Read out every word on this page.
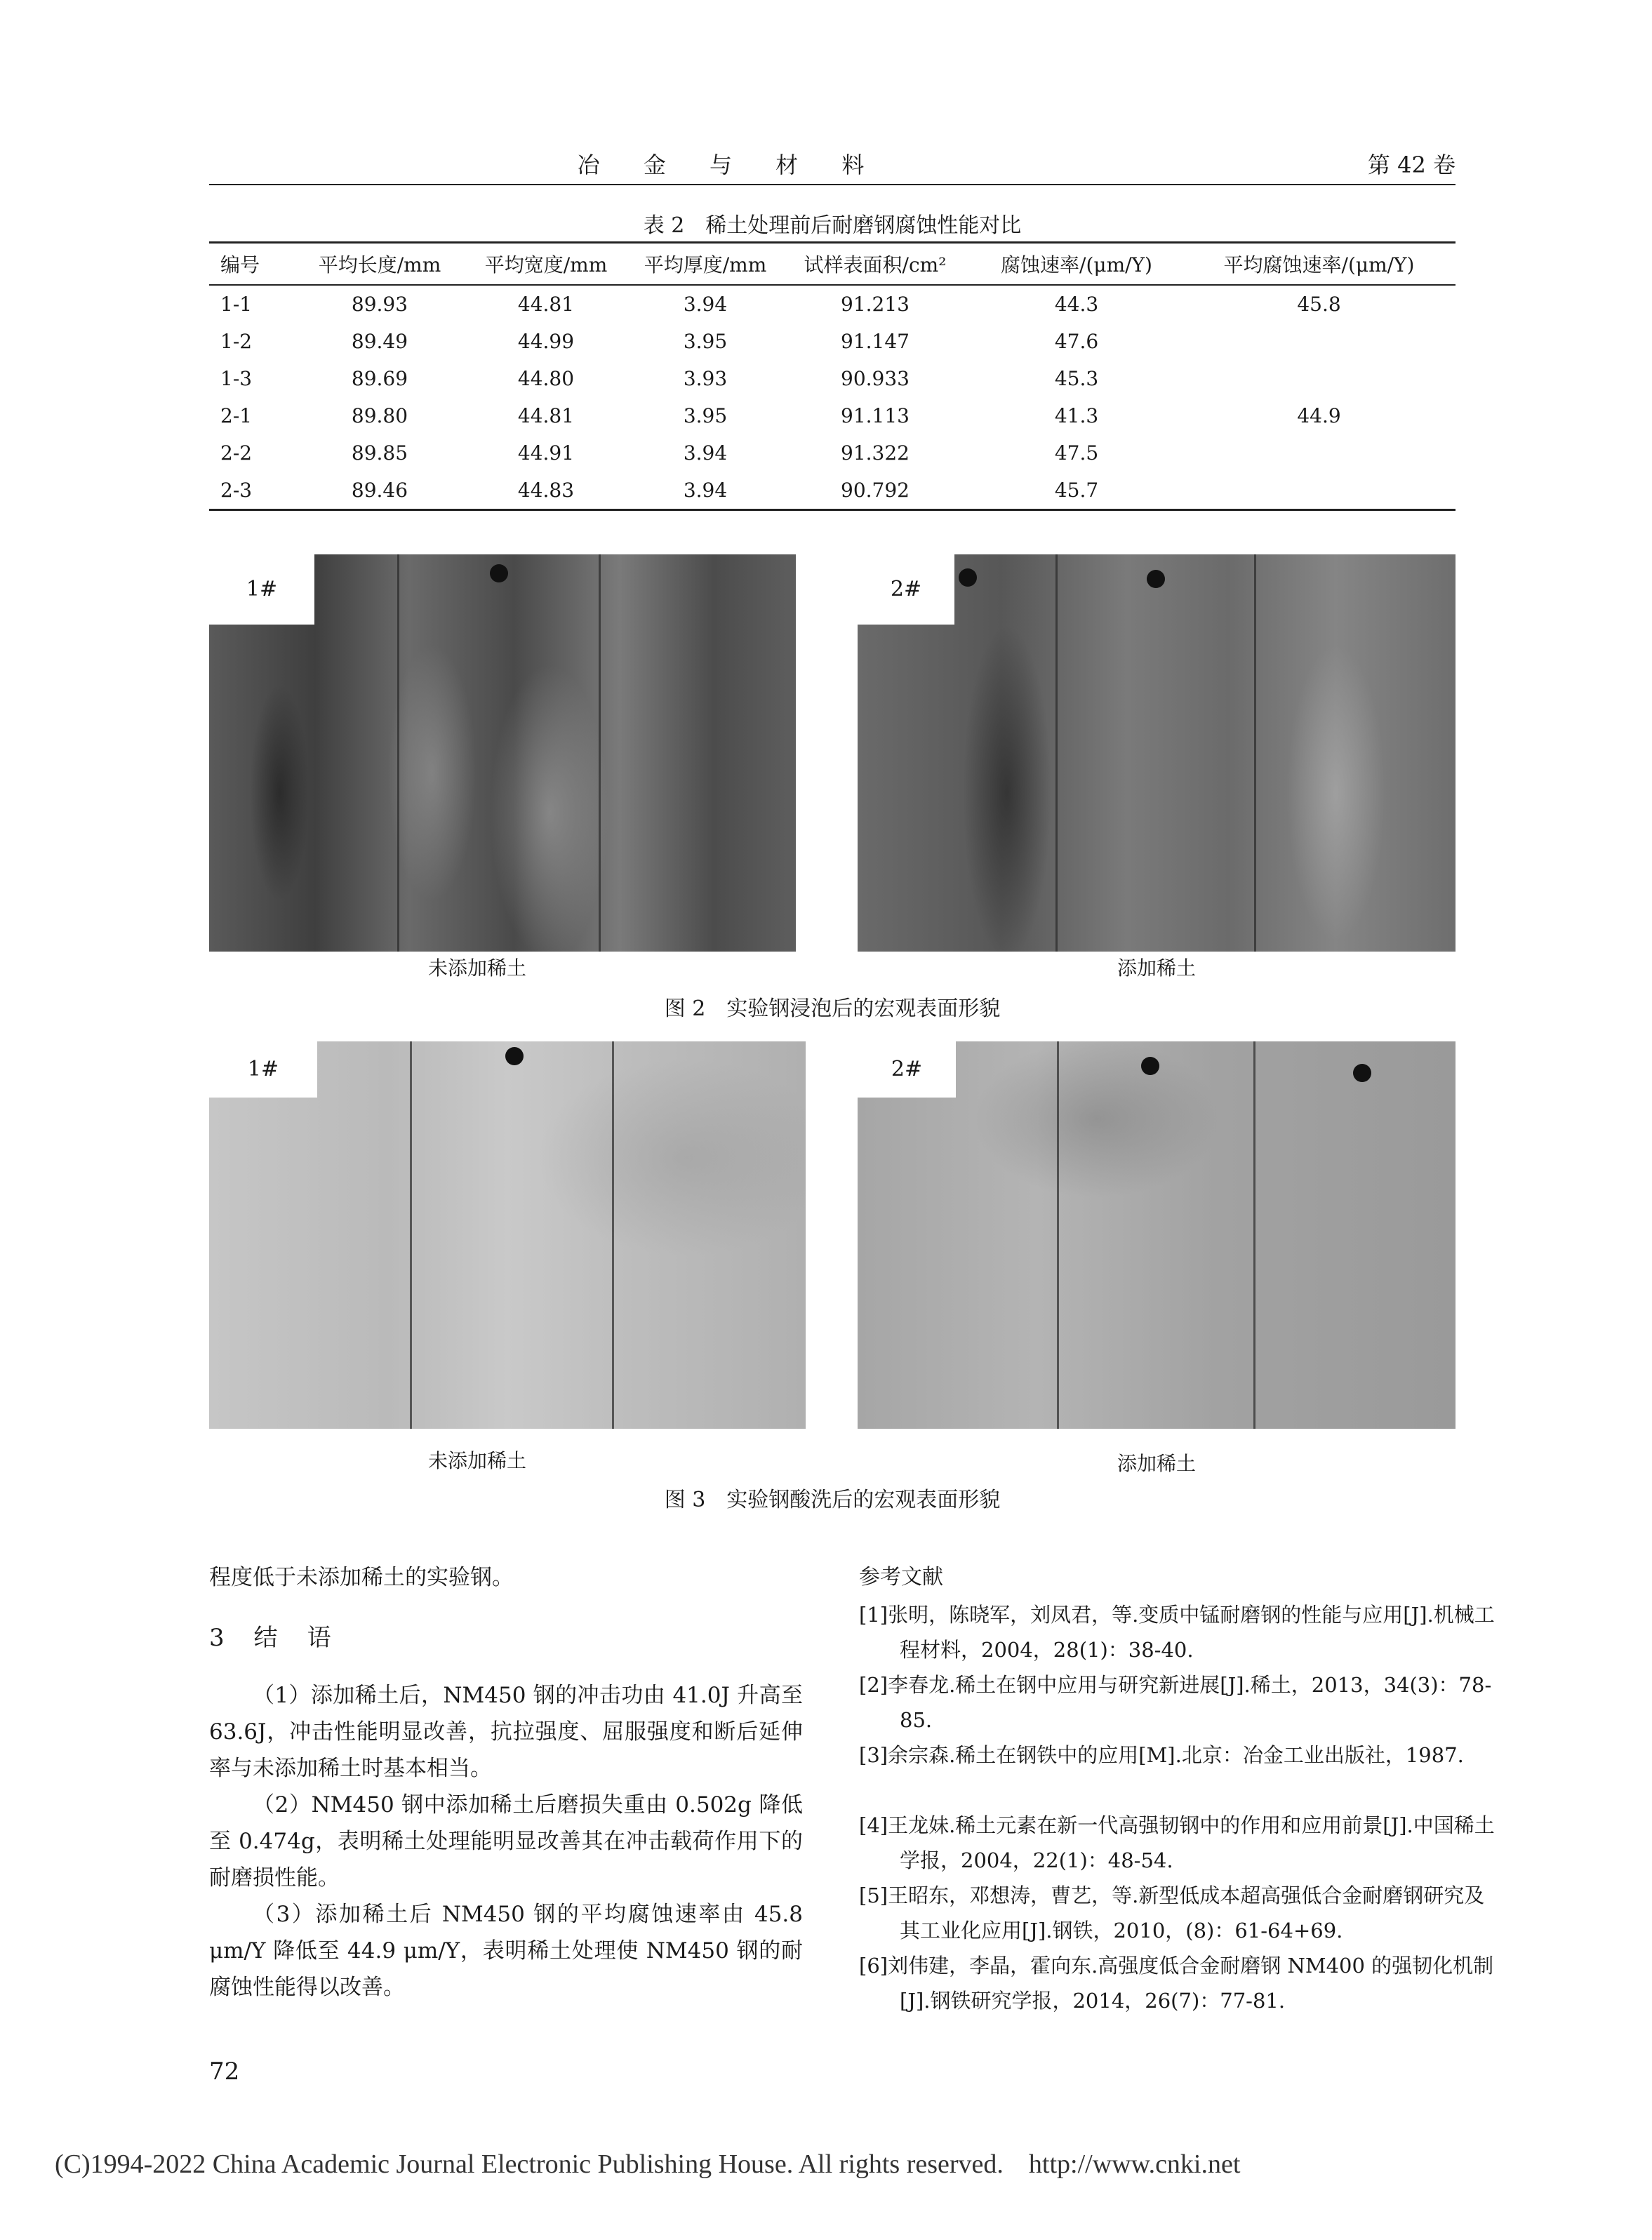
冶 金 与 材 料	第 42 卷
表 2　稀土处理前后耐磨钢腐蚀性能对比
编号	平均长度/mm	平均宽度/mm	平均厚度/mm	试样表面积/cm²	腐蚀速率/(μm/Y)	平均腐蚀速率/(μm/Y)
1-1	89.93	44.81	3.94	91.213	44.3	45.8
1-2	89.49	44.99	3.95	91.147	47.6	
1-3	89.69	44.80	3.93	90.933	45.3	
2-1	89.80	44.81	3.95	91.113	41.3	44.9
2-2	89.85	44.91	3.94	91.322	47.5	
2-3	89.46	44.83	3.94	90.792	45.7	
1#	2#
未添加稀土	添加稀土
图 2　实验钢浸泡后的宏观表面形貌
1#	2#
未添加稀土	添加稀土
图 3　实验钢酸洗后的宏观表面形貌
程度低于未添加稀土的实验钢。
3　结　语
（1）添加稀土后，NM450 钢的冲击功由 41.0J 升高至 63.6J，冲击性能明显改善，抗拉强度、屈服强度和断后延伸率与未添加稀土时基本相当。
（2）NM450 钢中添加稀土后磨损失重由 0.502g 降低至 0.474g，表明稀土处理能明显改善其在冲击载荷作用下的耐磨损性能。
（3）添加稀土后 NM450 钢的平均腐蚀速率由 45.8 μm/Y 降低至 44.9 μm/Y，表明稀土处理使 NM450 钢的耐腐蚀性能得以改善。
参考文献
[1]张明，陈晓军，刘凤君，等.变质中锰耐磨钢的性能与应用[J].机械工程材料，2004，28(1)：38-40.
[2]李春龙.稀土在钢中应用与研究新进展[J].稀土，2013，34(3)：78-85.
[3]余宗森.稀土在钢铁中的应用[M].北京：冶金工业出版社，1987.
[4]王龙妹.稀土元素在新一代高强韧钢中的作用和应用前景[J].中国稀土学报，2004，22(1)：48-54.
[5]王昭东，邓想涛，曹艺，等.新型低成本超高强低合金耐磨钢研究及其工业化应用[J].钢铁，2010，(8)：61-64+69.
[6]刘伟建，李晶，霍向东.高强度低合金耐磨钢 NM400 的强韧化机制[J].钢铁研究学报，2014，26(7)：77-81.
72
(C)1994-2022 China Academic Journal Electronic Publishing House. All rights reserved. http://www.cnki.net
